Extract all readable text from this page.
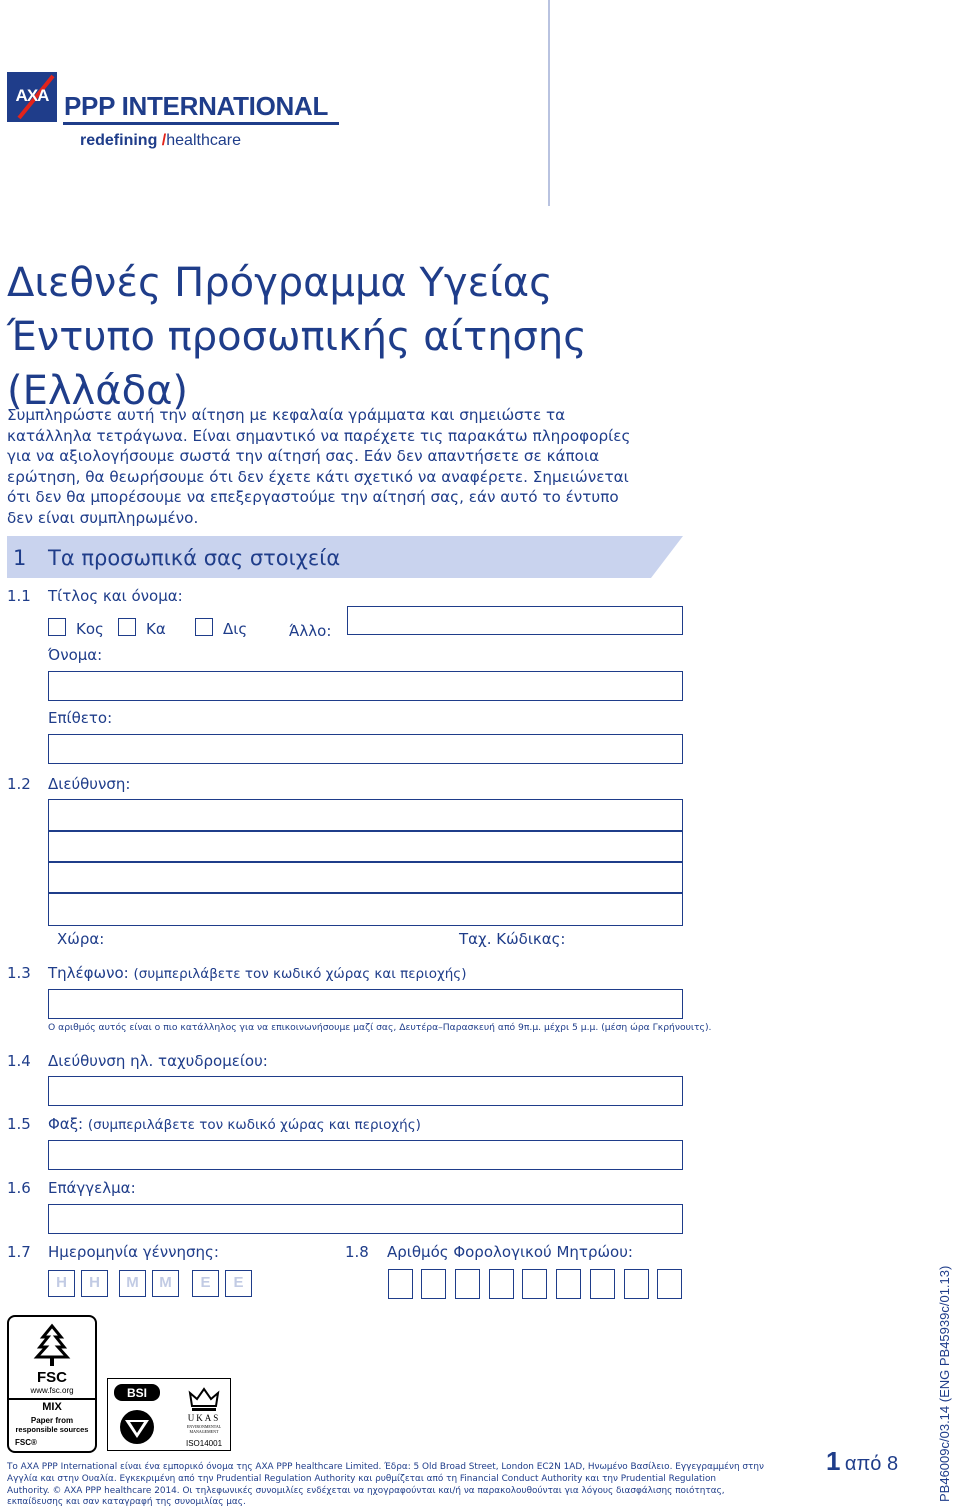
AXA PPP INTERNATIONAL
redefining /healthcare
Διεθνές Πρόγραμμα Υγείας
Έντυπο προσωπικής αίτησης
(Ελλάδα)
Συμπληρώστε αυτή την αίτηση με κεφαλαία γράμματα και σημειώστε τα
κατάλληλα τετράγωνα. Είναι σημαντικό να παρέχετε τις παρακάτω πληροφορίες
για να αξιολογήσουμε σωστά την αίτησή σας. Εάν δεν απαντήσετε σε κάποια
ερώτηση, θα θεωρήσουμε ότι δεν έχετε κάτι σχετικό να αναφέρετε. Σημειώνεται
ότι δεν θα μπορέσουμε να επεξεργαστούμε την αίτησή σας, εάν αυτό το έντυπο
δεν είναι συμπληρωμένο.
1 Τα προσωπικά σας στοιχεία
1.1 Τίτλος και όνομα:
Κος	Κα	Δις	Άλλο:
Όνομα:
Επίθετο:
1.2 Διεύθυνση:
Χώρα:	Ταχ. Κώδικας:
1.3 Τηλέφωνο: (συμπεριλάβετε τον κωδικό χώρας και περιοχής)
Ο αριθμός αυτός είναι ο πιο κατάλληλος για να επικοινωνήσουμε μαζί σας, Δευτέρα–Παρασκευή από 9π.μ. μέχρι 5 μ.μ. (μέση ώρα Γκρήνουιτς).
1.4 Διεύθυνση ηλ. ταχυδρομείου:
1.5 Φαξ: (συμπεριλάβετε τον κωδικό χώρας και περιοχής)
1.6 Επάγγελμα:
1.7 Ημερομηνία γέννησης:
Η	Η	Μ	Μ	Ε	Ε
1.8 Αριθμός Φορολογικού Μητρώου:
FSC
www.fsc.org
MIX
Paper from
responsible sources
FSC®
BSI
UKAS
ENVIRONMENTAL MANAGEMENT
ISO14001
Το AXA PPP International είναι ένα εμπορικό όνομα της AXA PPP healthcare Limited. Έδρα: 5 Old Broad Street, London EC2N 1AD, Ηνωμένο Βασίλειο. Εγγεγραμμένη στην
Αγγλία και στην Ουαλία. Εγκεκριμένη από την Prudential Regulation Authority και ρυθμίζεται από τη Financial Conduct Authority και την Prudential Regulation
Authority. © AXA PPP healthcare 2014. Οι τηλεφωνικές συνομιλίες ενδέχεται να ηχογραφούνται και/ή να παρακολουθούνται για λόγους διασφάλισης ποιότητας,
εκπαίδευσης και σαν καταγραφή της συνομιλίας μας.
1 από 8	PB46009c/03.14 (ENG PB45939c/01.13)
